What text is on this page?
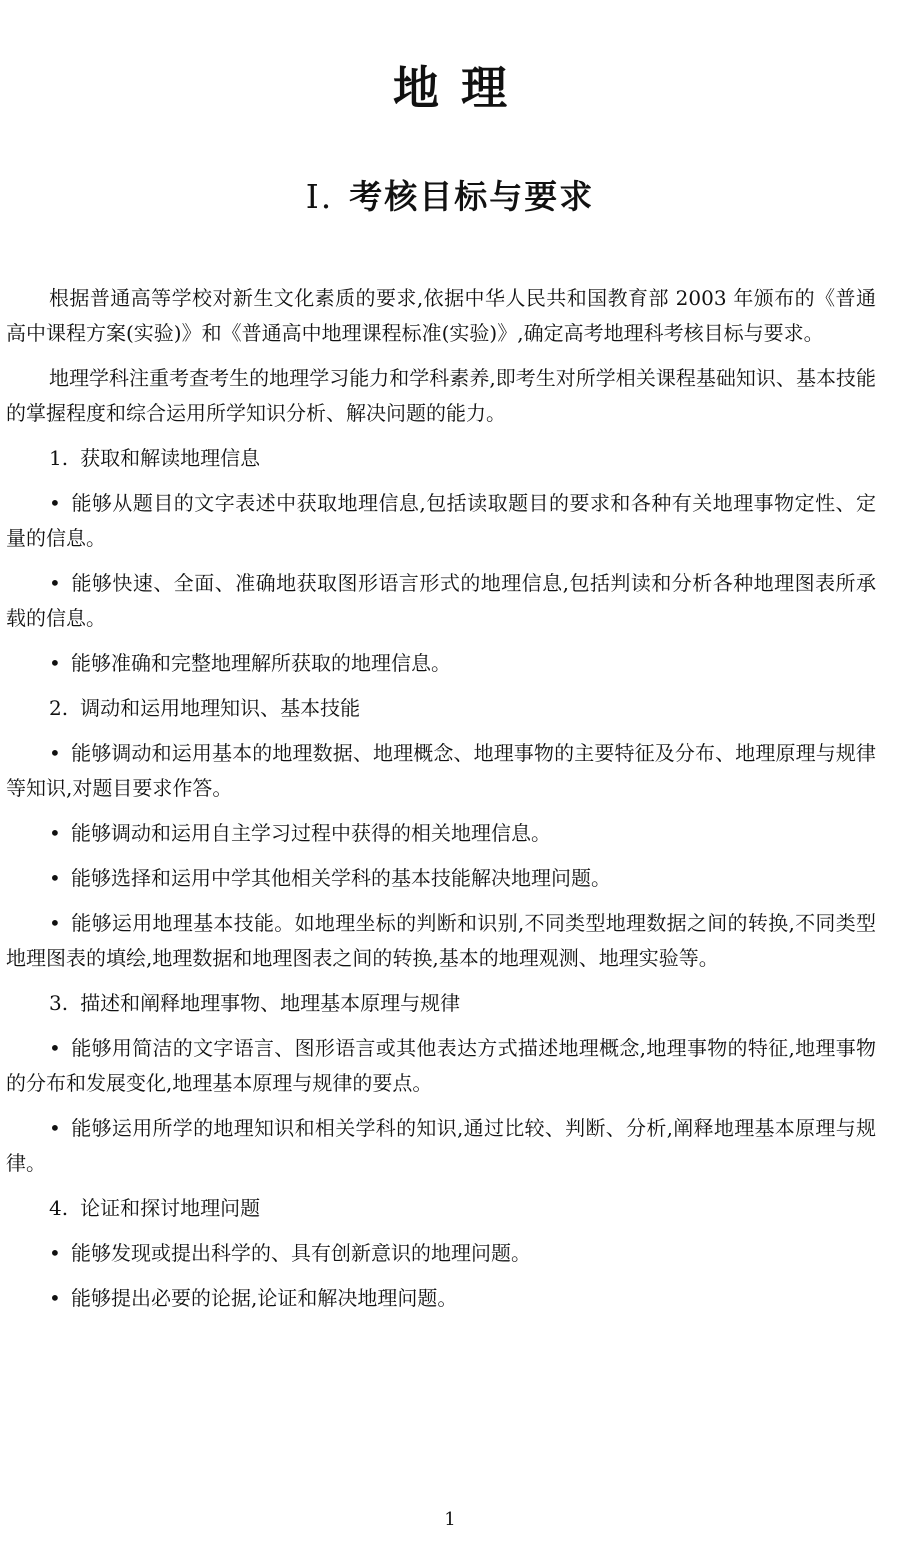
地理
Ⅰ. 考核目标与要求

根据普通高等学校对新生文化素质的要求,依据中华人民共和国教育部 2003 年颁布的《普通高中课程方案(实验)》和《普通高中地理课程标准(实验)》,确定高考地理科考核目标与要求。

地理学科注重考查考生的地理学习能力和学科素养,即考生对所学相关课程基础知识、基本技能的掌握程度和综合运用所学知识分析、解决问题的能力。

1. 获取和解读地理信息

• 能够从题目的文字表述中获取地理信息,包括读取题目的要求和各种有关地理事物定性、定量的信息。

• 能够快速、全面、准确地获取图形语言形式的地理信息,包括判读和分析各种地理图表所承载的信息。

• 能够准确和完整地理解所获取的地理信息。

2. 调动和运用地理知识、基本技能

• 能够调动和运用基本的地理数据、地理概念、地理事物的主要特征及分布、地理原理与规律等知识,对题目要求作答。

• 能够调动和运用自主学习过程中获得的相关地理信息。

• 能够选择和运用中学其他相关学科的基本技能解决地理问题。

• 能够运用地理基本技能。如地理坐标的判断和识别,不同类型地理数据之间的转换,不同类型地理图表的填绘,地理数据和地理图表之间的转换,基本的地理观测、地理实验等。

3. 描述和阐释地理事物、地理基本原理与规律

• 能够用简洁的文字语言、图形语言或其他表达方式描述地理概念,地理事物的特征,地理事物的分布和发展变化,地理基本原理与规律的要点。

• 能够运用所学的地理知识和相关学科的知识,通过比较、判断、分析,阐释地理基本原理与规律。

4. 论证和探讨地理问题

• 能够发现或提出科学的、具有创新意识的地理问题。

• 能够提出必要的论据,论证和解决地理问题。

1
